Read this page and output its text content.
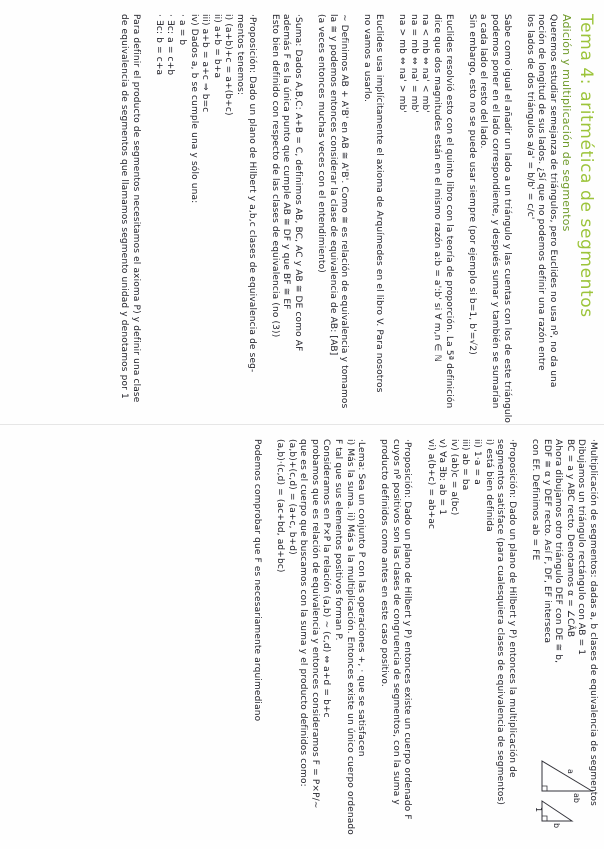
Tema 4: aritmética de segmentos
Adición y multiplicación de segmentos
Queremos estudiar semejanza de triángulos, pero Euclides no usa nº, no da una
noción de longitud de sus lados. ¿Sí que no podemos definir una razón entre
los lados de dos triángulos a/a' = b/b' = c/c'

Sabe como igual el añadir un lado a un triángulo y las cuentas con los de este triángulo
podemos poner en el lado correspondiente, y después sumar y también se sumarían
a cada lado el resto del lado.
Sin embargo, esto no se puede usar siempre (por ejemplo si b=1, b'=√2)

Euclides resolvió esto con el quinto libro con la teoría de proporción. La 5ª definición
dice que dos magnitudes están en el mismo razón a:b = a':b' si ∀ m,n ∈ ℕ
na < mb ⇔ na' < mb'
na = mb ⇔ na' = mb'
na > mb ⇔ na' > mb'

Euclides usa implícitamente el axioma de Arquímedes en el libro V. Para nosotros
no vamos a usarlo.

~ Definimos AB + A'B' en AB ≅ A'B'. Como ≅ es relación de equivalencia y tomamos
la ≅ y podemos entonces considerar la clase de equivalencia de AB: [AB]
(a veces entonces muchas veces con el entendimiento)

·Suma: Dados A,B,C: A+B = C, definimos AB, BC, AC y AB ≅ DE como AF
además F es la única punto que cumple AB ≅ DF y que BF ≅ EF
Esto bien definido con respecto de las clases de equivalencia (no (3))

·Proposición: Dado un plano de Hilbert y a,b,c clases de equivalencia de seg-
mentos tenemos:
i) (a+b)+c = a+(b+c)
ii) a+b = b+a
iii) a+b = a+c ⇒ b=c
iv) Dados a, b se cumple una y sólo una:
· a = b
· ∃c: a = c+b
· ∃c: b = c+a

Para definir el producto de segmentos necesitamos el axioma P) y definir una clase
de equivalencia de segmentos que llamamos segmento unidad y denotamos por 1
ab
a
b
1
·Multiplicación de segmentos: dadas a, b clases de equivalencia de segmentos
Dibujamos un triángulo rectángulo con AB = 1
BC = a y ABC recto. Denotamos α = ∠CÂB
Ahora dibujamos otro triángulo DEF con DE ≅ b,
EDF ≅ α y DEF recto. Así F, DF, EF interseca
con EF. Definimos ab = FE

·Proposición: Dado un plano de Hilbert y P) entonces la multiplicación de
segmentos satisface (para cualesquiera clases de equivalencia de segmentos)
i) está bien definida
ii) 1·a = a
iii) ab = ba
iv) (ab)c = a(bc)
v) ∀a ∃b: ab = 1
vi) a(b+c) = ab+ac

·Proposición: Dado un plano de Hilbert y P) entonces existe un cuerpo ordenado F
cuyos nº positivos son las clases de congruencia de segmentos, con la suma y
producto definidos como antes en este caso positivo.

·Lema: Sea un conjunto P con las operaciones +, · que se satisfacen
i) Más la suma. ii) Más a la multiplicación. Entonces existe un único cuerpo ordenado
F tal que sus elementos positivos forman P.
Consideramos en P×P la relación (a,b) ~ (c,d) ⇔ a+d = b+c
probamos que es relación de equivalencia y entonces consideramos F = P×P/~
que es el cuerpo que buscamos con la suma y el producto definidos como:
(a,b)+(c,d) = (a+c, b+d)
(a,b)·(c,d) = (ac+bd, ad+bc)

Podemos comprobar que F es necesariamente arquimediano
